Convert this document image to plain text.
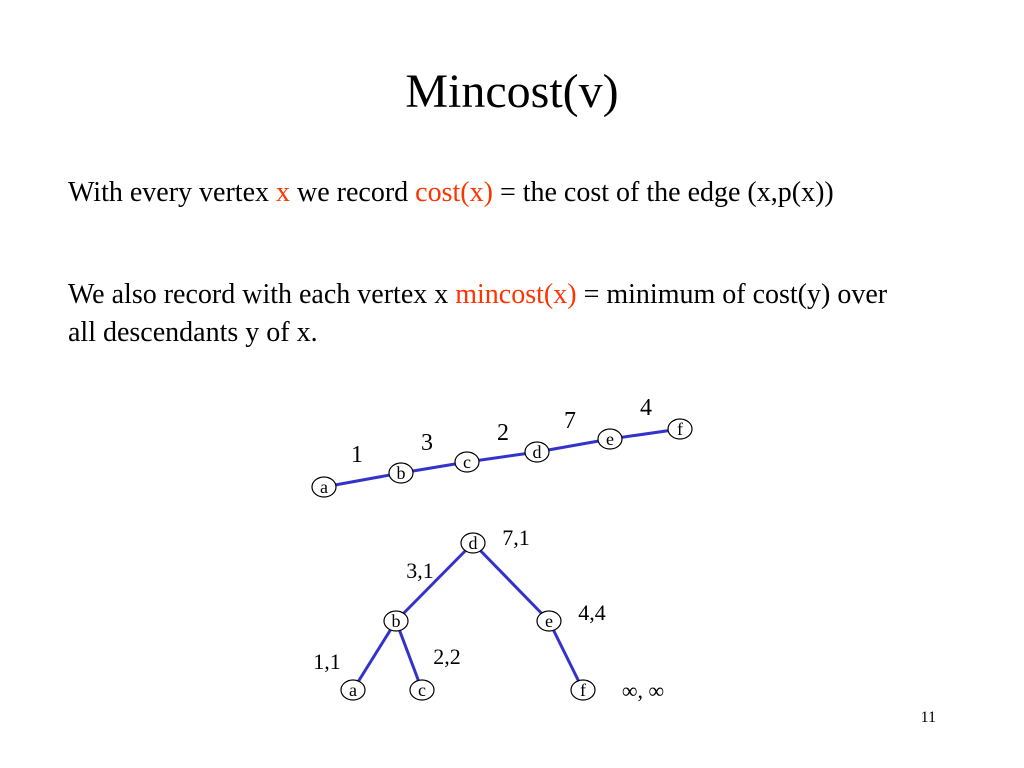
Mincost(v)
With every vertex x we record cost(x) = the cost of the edge (x,p(x))
We also record with each vertex x mincost(x) = minimum of cost(y) over all descendants y of x.
1 3	2 7	4
a
b
c	d
e	f
d 7,1
b
3,1
e 4,4
a
1,1
c
2,2
f ∞, ∞
11
